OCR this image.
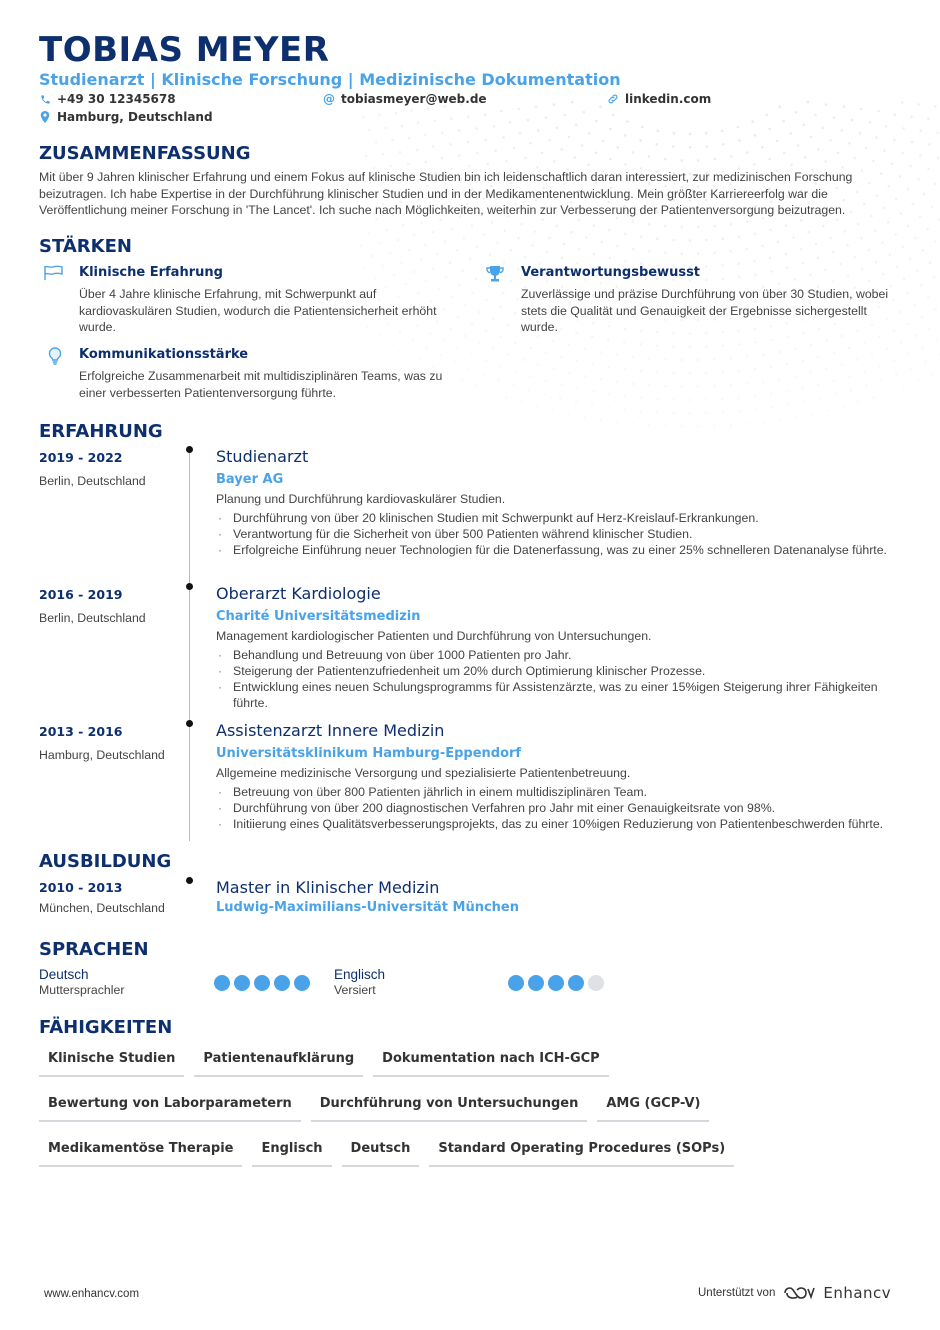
TOBIAS MEYER
Studienarzt | Klinische Forschung | Medizinische Dokumentation
+49 30 12345678	@ tobiasmeyer@web.de	linkedin.com
Hamburg, Deutschland
ZUSAMMENFASSUNG
Mit über 9 Jahren klinischer Erfahrung und einem Fokus auf klinische Studien bin ich leidenschaftlich daran interessiert, zur medizinischen Forschung beizutragen. Ich habe Expertise in der Durchführung klinischer Studien und in der Medikamentenentwicklung. Mein größter Karriereerfolg war die Veröffentlichung meiner Forschung in 'The Lancet'. Ich suche nach Möglichkeiten, weiterhin zur Verbesserung der Patientenversorgung beizutragen.
STÄRKEN
Klinische Erfahrung
Über 4 Jahre klinische Erfahrung, mit Schwerpunkt auf kardiovaskulären Studien, wodurch die Patientensicherheit erhöht wurde.
Verantwortungsbewusst
Zuverlässige und präzise Durchführung von über 30 Studien, wobei stets die Qualität und Genauigkeit der Ergebnisse sichergestellt wurde.
Kommunikationsstärke
Erfolgreiche Zusammenarbeit mit multidisziplinären Teams, was zu einer verbesserten Patientenversorgung führte.
ERFAHRUNG
2019 - 2022
Berlin, Deutschland
Studienarzt
Bayer AG
Planung und Durchführung kardiovaskulärer Studien.
· Durchführung von über 20 klinischen Studien mit Schwerpunkt auf Herz-Kreislauf-Erkrankungen.
· Verantwortung für die Sicherheit von über 500 Patienten während klinischer Studien.
· Erfolgreiche Einführung neuer Technologien für die Datenerfassung, was zu einer 25% schnelleren Datenanalyse führte.
2016 - 2019
Berlin, Deutschland
Oberarzt Kardiologie
Charité Universitätsmedizin
Management kardiologischer Patienten und Durchführung von Untersuchungen.
· Behandlung und Betreuung von über 1000 Patienten pro Jahr.
· Steigerung der Patientenzufriedenheit um 20% durch Optimierung klinischer Prozesse.
· Entwicklung eines neuen Schulungsprogramms für Assistenzärzte, was zu einer 15%igen Steigerung ihrer Fähigkeiten führte.
2013 - 2016
Hamburg, Deutschland
Assistenzarzt Innere Medizin
Universitätsklinikum Hamburg-Eppendorf
Allgemeine medizinische Versorgung und spezialisierte Patientenbetreuung.
· Betreuung von über 800 Patienten jährlich in einem multidisziplinären Team.
· Durchführung von über 200 diagnostischen Verfahren pro Jahr mit einer Genauigkeitsrate von 98%.
· Initiierung eines Qualitätsverbesserungsprojekts, das zu einer 10%igen Reduzierung von Patientenbeschwerden führte.
AUSBILDUNG
2010 - 2013
München, Deutschland
Master in Klinischer Medizin
Ludwig-Maximilians-Universität München
SPRACHEN
Deutsch
Muttersprachler
Englisch
Versiert
FÄHIGKEITEN
Klinische Studien	Patientenaufklärung	Dokumentation nach ICH-GCP
Bewertung von Laborparametern	Durchführung von Untersuchungen	AMG (GCP-V)
Medikamentöse Therapie	Englisch	Deutsch	Standard Operating Procedures (SOPs)
www.enhancv.com	Unterstützt von	Enhancv
